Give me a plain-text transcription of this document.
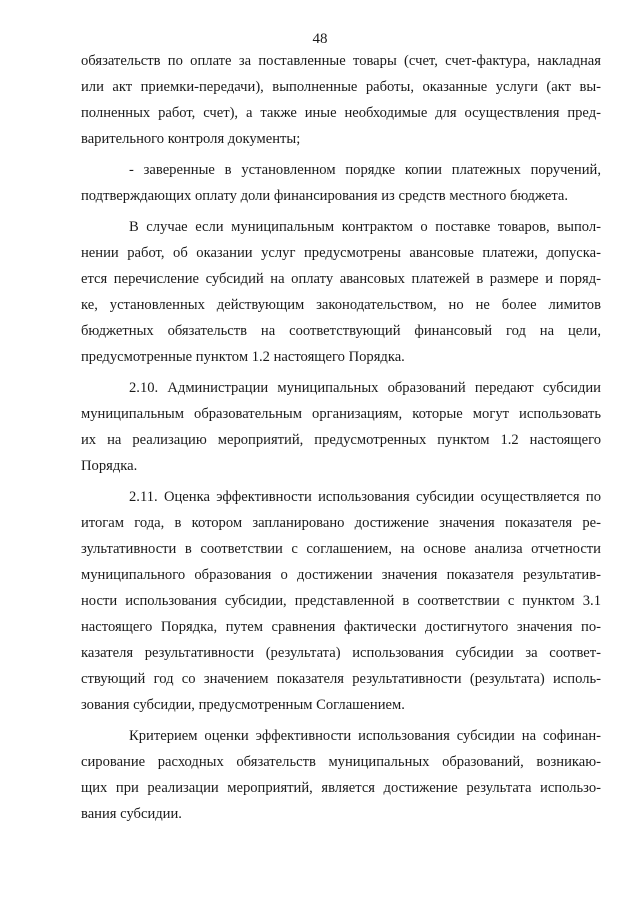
48
обязательств по оплате за поставленные товары (счет, счет-фактура, накладная
или акт приемки-передачи), выполненные работы, оказанные услуги (акт вы-
полненных работ, счет), а также иные необходимые для осуществления пред-
варительного контроля документы;
- заверенные в установленном порядке копии платежных поручений,
подтверждающих оплату доли финансирования из средств местного бюджета.
В случае если муниципальным контрактом о поставке товаров, выпол-
нении работ, об оказании услуг предусмотрены авансовые платежи, допуска-
ется перечисление субсидий на оплату авансовых платежей в размере и поряд-
ке, установленных действующим законодательством, но не более лимитов
бюджетных обязательств на соответствующий финансовый год на цели,
предусмотренные пунктом 1.2 настоящего Порядка.
2.10. Администрации муниципальных образований передают субсидии
муниципальным образовательным организациям, которые могут использовать
их на реализацию мероприятий, предусмотренных пунктом 1.2 настоящего
Порядка.
2.11. Оценка эффективности использования субсидии осуществляется по
итогам года, в котором запланировано достижение значения показателя ре-
зультативности в соответствии с соглашением, на основе анализа отчетности
муниципального образования о достижении значения показателя результатив-
ности использования субсидии, представленной в соответствии с пунктом 3.1
настоящего Порядка, путем сравнения фактически достигнутого значения по-
казателя результативности (результата) использования субсидии за соответ-
ствующий год со значением показателя результативности (результата) исполь-
зования субсидии, предусмотренным Соглашением.
Критерием оценки эффективности использования субсидии на софинан-
сирование расходных обязательств муниципальных образований, возникаю-
щих при реализации мероприятий, является достижение результата использо-
вания субсидии.
